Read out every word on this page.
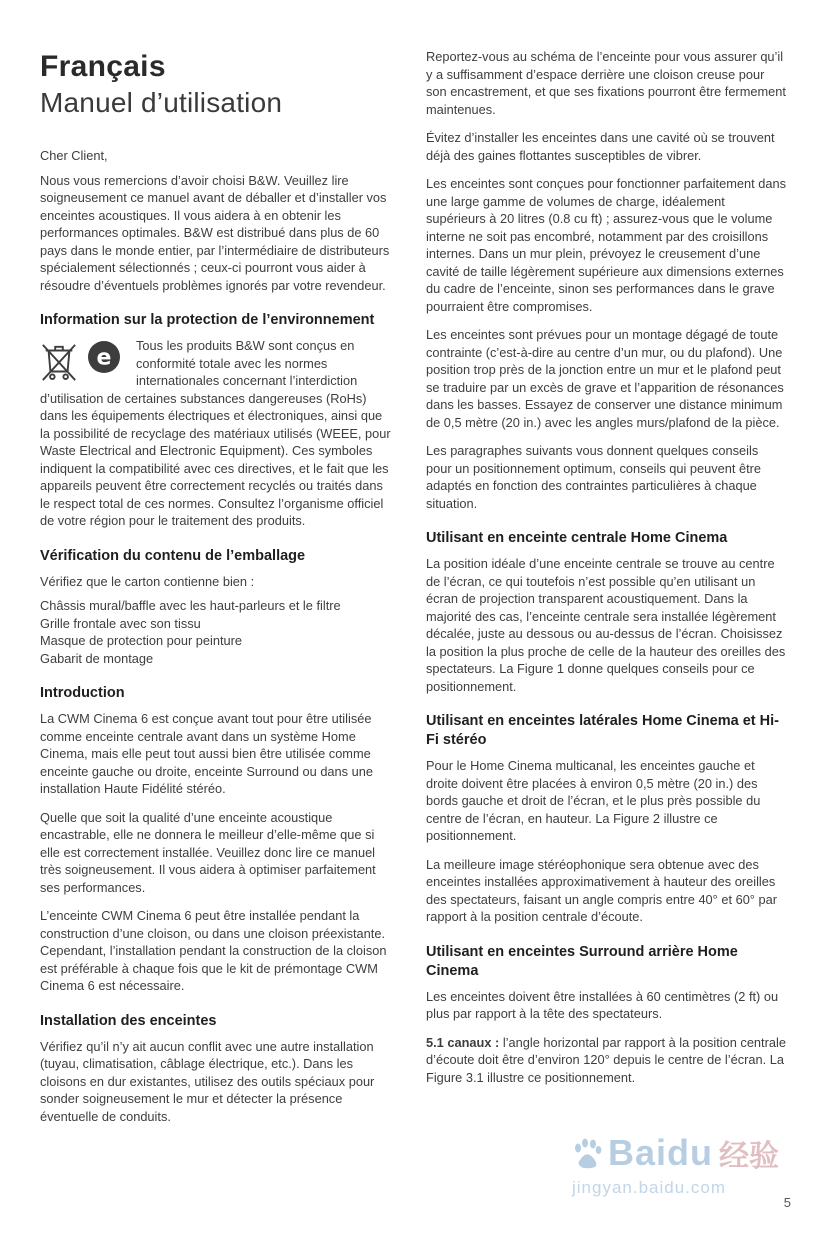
Français
Manuel d’utilisation

Cher Client,

Nous vous remercions d’avoir choisi B&W. Veuillez lire soigneusement ce manuel avant de déballer et d’installer vos enceintes acoustiques. Il vous aidera à en obtenir les performances optimales. B&W est distribué dans plus de 60 pays dans le monde entier, par l’intermédiaire de distributeurs spécialement sélectionnés ; ceux-ci pourront vous aider à résoudre d’éventuels problèmes ignorés par votre revendeur.

Information sur la protection de l’environnement
e Tous les produits B&W sont conçus en conformité totale avec les normes internationales concernant l’interdiction d’utilisation de certaines substances dangereuses (RoHs) dans les équipements électriques et électroniques, ainsi que la possibilité de recyclage des matériaux utilisés (WEEE, pour Waste Electrical and Electronic Equipment). Ces symboles indiquent la compatibilité avec ces directives, et le fait que les appareils peuvent être correctement recyclés ou traités dans le respect total de ces normes. Consultez l’organisme officiel de votre région pour le traitement des produits.
Vérification du contenu de l’emballage

Vérifiez que le carton contienne bien :

Châssis mural/baffle avec les haut-parleurs et le filtre
Grille frontale avec son tissu
Masque de protection pour peinture
Gabarit de montage
Introduction

La CWM Cinema 6 est conçue avant tout pour être utilisée comme enceinte centrale avant dans un système Home Cinema, mais elle peut tout aussi bien être utilisée comme enceinte gauche ou droite, enceinte Surround ou dans une installation Haute Fidélité stéréo.

Quelle que soit la qualité d’une enceinte acoustique encastrable, elle ne donnera le meilleur d’elle-même que si elle est correctement installée. Veuillez donc lire ce manuel très soigneusement. Il vous aidera à optimiser parfaitement ses performances.

L’enceinte CWM Cinema 6 peut être installée pendant la construction d’une cloison, ou dans une cloison préexistante. Cependant, l’installation pendant la construction de la cloison est préférable à chaque fois que le kit de prémontage CWM Cinema 6 est nécessaire.

Installation des enceintes

Vérifiez qu’il n’y ait aucun conflit avec une autre installation (tuyau, climatisation, câblage électrique, etc.). Dans les cloisons en dur existantes, utilisez des outils spéciaux pour sonder soigneusement le mur et détecter la présence éventuelle de conduits.

Reportez-vous au schéma de l’enceinte pour vous assurer qu’il y a suffisamment d’espace derrière une cloison creuse pour son encastrement, et que ses fixations pourront être fermement maintenues.

Évitez d’installer les enceintes dans une cavité où se trouvent déjà des gaines flottantes susceptibles de vibrer.

Les enceintes sont conçues pour fonctionner parfaitement dans une large gamme de volumes de charge, idéalement supérieurs à 20 litres (0.8 cu ft) ; assurez-vous que le volume interne ne soit pas encombré, notamment par des croisillons internes. Dans un mur plein, prévoyez le creusement d’une cavité de taille légèrement supérieure aux dimensions externes du cadre de l’enceinte, sinon ses performances dans le grave pourraient être compromises.

Les enceintes sont prévues pour un montage dégagé de toute contrainte (c’est-à-dire au centre d’un mur, ou du plafond). Une position trop près de la jonction entre un mur et le plafond peut se traduire par un excès de grave et l’apparition de résonances dans les basses. Essayez de conserver une distance minimum de 0,5 mètre (20 in.) avec les angles murs/plafond de la pièce.

Les paragraphes suivants vous donnent quelques conseils pour un positionnement optimum, conseils qui peuvent être adaptés en fonction des contraintes particulières à chaque situation.

Utilisant en enceinte centrale Home Cinema

La position idéale d’une enceinte centrale se trouve au centre de l’écran, ce qui toutefois n’est possible qu’en utilisant un écran de projection transparent acoustiquement. Dans la majorité des cas, l’enceinte centrale sera installée légèrement décalée, juste au dessous ou au-dessus de l’écran. Choisissez la position la plus proche de celle de la hauteur des oreilles des spectateurs. La Figure 1 donne quelques conseils pour ce positionnement.

Utilisant en enceintes latérales Home Cinema et Hi-Fi stéréo

Pour le Home Cinema multicanal, les enceintes gauche et droite doivent être placées à environ 0,5 mètre (20 in.) des bords gauche et droit de l’écran, et le plus près possible du centre de l’écran, en hauteur. La Figure 2 illustre ce positionnement.

La meilleure image stéréophonique sera obtenue avec des enceintes installées approximativement à hauteur des oreilles des spectateurs, faisant un angle compris entre 40° et 60° par rapport à la position centrale d’écoute.

Utilisant en enceintes Surround arrière Home Cinema

Les enceintes doivent être installées à 60 centimètres (2 ft) ou plus par rapport à la tête des spectateurs.

5.1 canaux : l’angle horizontal par rapport à la position centrale d’écoute doit être d’environ 120° depuis le centre de l’écran. La Figure 3.1 illustre ce positionnement.

Baidu 经验
jingyan.baidu.com
5
